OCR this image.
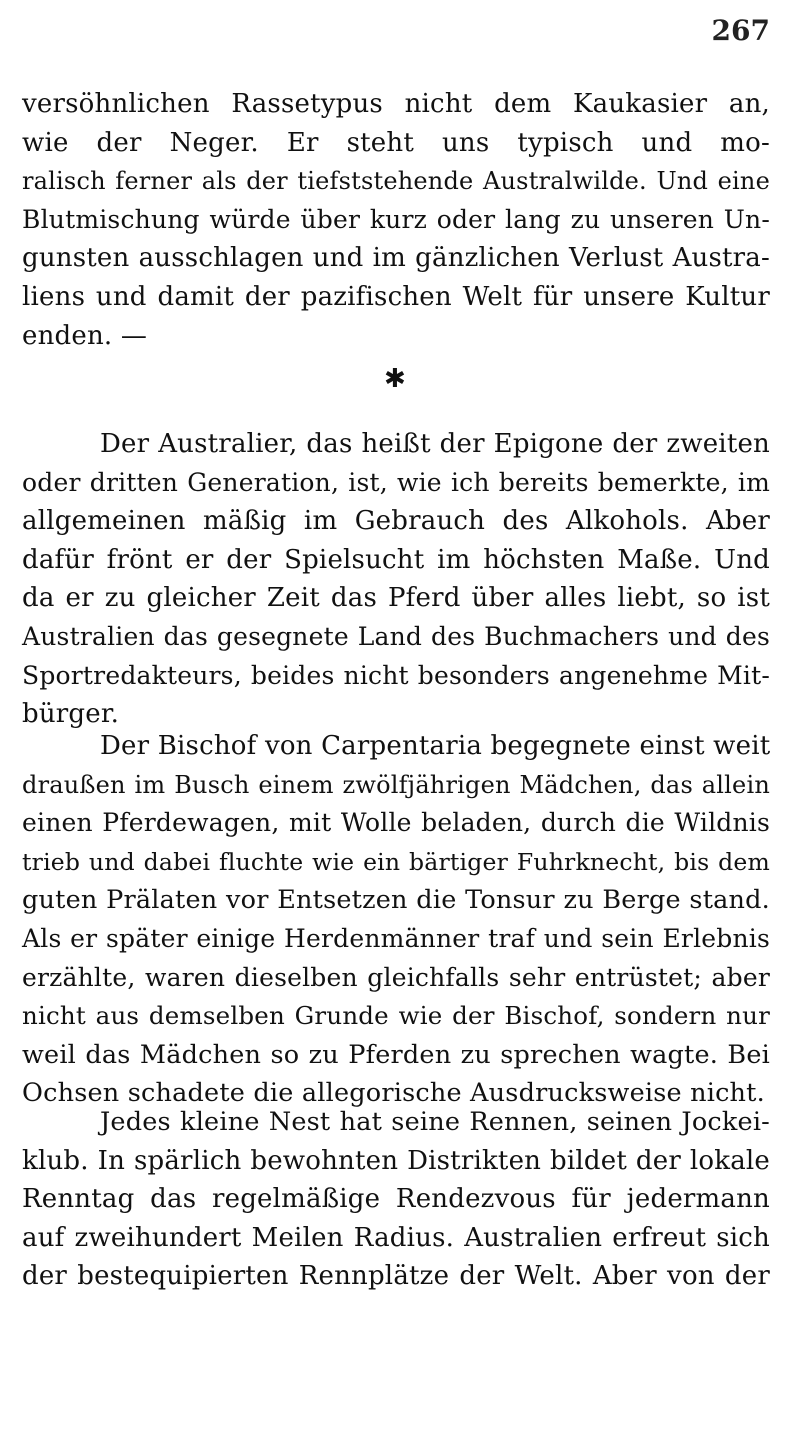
267
versöhnlichen Rassetypus nicht dem Kaukasier an,
wie der Neger. Er steht uns typisch und mo-
ralisch ferner als der tiefststehende Australwilde. Und eine
Blutmischung würde über kurz oder lang zu unseren Un-
gunsten ausschlagen und im gänzlichen Verlust Austra-
liens und damit der pazifischen Welt für unsere Kultur
enden. —
✱
Der Australier, das heißt der Epigone der zweiten
oder dritten Generation, ist, wie ich bereits bemerkte, im
allgemeinen mäßig im Gebrauch des Alkohols. Aber
dafür frönt er der Spielsucht im höchsten Maße. Und
da er zu gleicher Zeit das Pferd über alles liebt, so ist
Australien das gesegnete Land des Buchmachers und des
Sportredakteurs, beides nicht besonders angenehme Mit-
bürger.
Der Bischof von Carpentaria begegnete einst weit
draußen im Busch einem zwölfjährigen Mädchen, das allein
einen Pferdewagen, mit Wolle beladen, durch die Wildnis
trieb und dabei fluchte wie ein bärtiger Fuhrknecht, bis dem
guten Prälaten vor Entsetzen die Tonsur zu Berge stand.
Als er später einige Herdenmänner traf und sein Erlebnis
erzählte, waren dieselben gleichfalls sehr entrüstet; aber
nicht aus demselben Grunde wie der Bischof, sondern nur
weil das Mädchen so zu Pferden zu sprechen wagte. Bei
Ochsen schadete die allegorische Ausdrucksweise nicht.
Jedes kleine Nest hat seine Rennen, seinen Jockei-
klub. In spärlich bewohnten Distrikten bildet der lokale
Renntag das regelmäßige Rendezvous für jedermann
auf zweihundert Meilen Radius. Australien erfreut sich
der bestequipierten Rennplätze der Welt. Aber von der
